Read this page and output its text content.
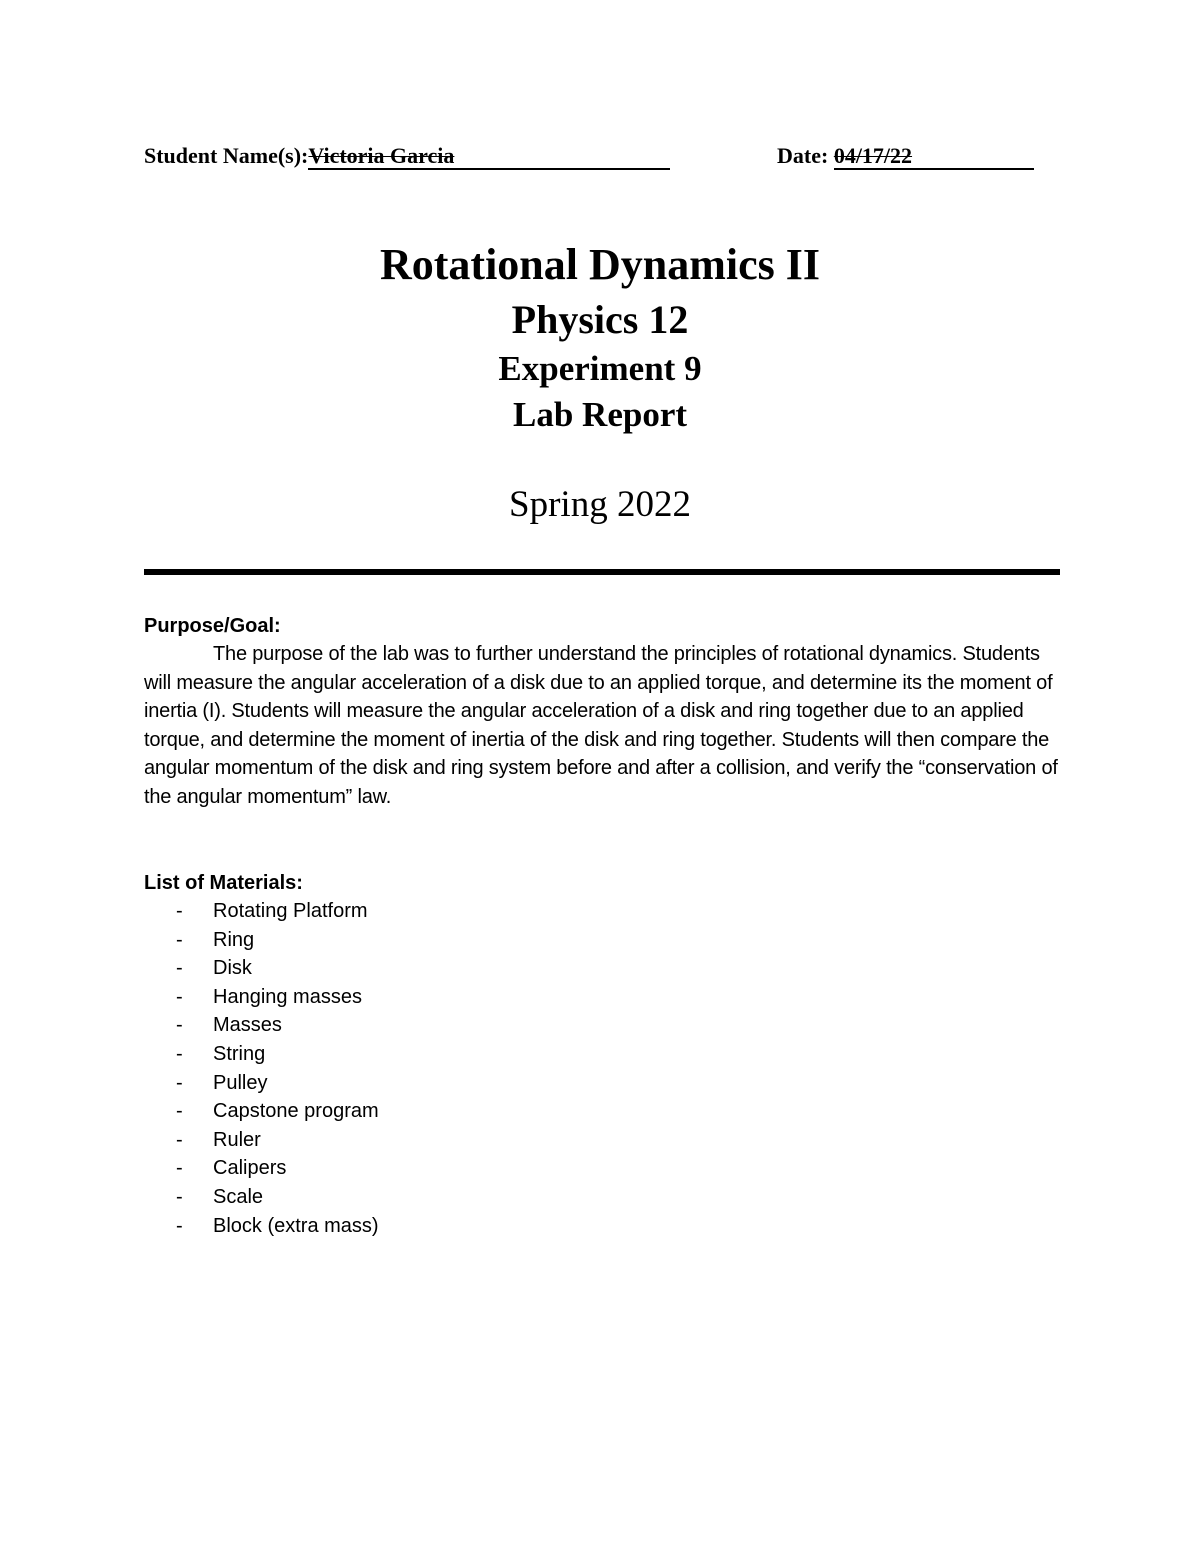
Student Name(s):Victoria Garcia	Date: 04/17/22
Rotational Dynamics II
Physics 12
Experiment 9
Lab Report
Spring 2022
Purpose/Goal:
The purpose of the lab was to further understand the principles of rotational dynamics. Students will measure the angular acceleration of a disk due to an applied torque, and determine its the moment of inertia (I). Students will measure the angular acceleration of a disk and ring together due to an applied torque, and determine the moment of inertia of the disk and ring together. Students will then compare the angular momentum of the disk and ring system before and after a collision, and verify the “conservation of the angular momentum” law.
List of Materials:
- Rotating Platform
- Ring
- Disk
- Hanging masses
- Masses
- String
- Pulley
- Capstone program
- Ruler
- Calipers
- Scale
- Block (extra mass)
